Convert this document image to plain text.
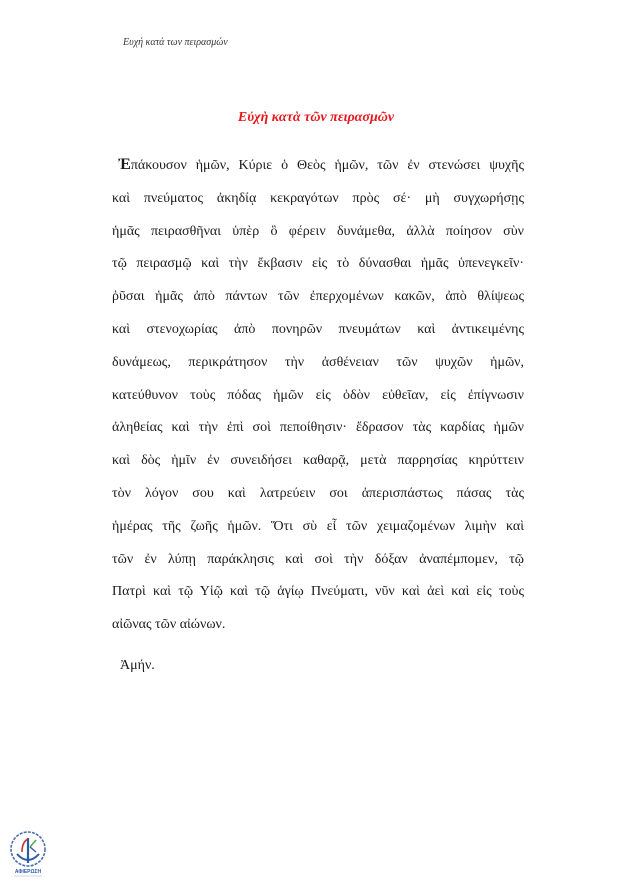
Ευχή κατά των πειρασμών
Εὐχὴ κατὰ τῶν πειρασμῶν
Ἐπάκουσον ἡμῶν, Κύριε ὁ Θεὸς ἡμῶν, τῶν ἐν στενώσει ψυχῆς
καὶ πνεύματος ἀκηδίᾳ κεκραγότων πρὸς σέ· μὴ συγχωρήσῃς
ἡμᾶς πειρασθῆναι ὑπὲρ ὃ φέρειν δυνάμεθα, ἀλλὰ ποίησον σὺν
τῷ πειρασμῷ καὶ τὴν ἔκβασιν εἰς τὸ δύνασθαι ἡμᾶς ὑπενεγκεῖν·
ῥῦσαι ἡμᾶς ἀπὸ πάντων τῶν ἐπερχομένων κακῶν, ἀπὸ θλίψεως
καὶ στενοχωρίας ἀπὸ πονηρῶν πνευμάτων καὶ ἀντικειμένης
δυνάμεως, περικράτησον τὴν ἀσθένειαν τῶν ψυχῶν ἡμῶν,
κατεύθυνον τοὺς πόδας ἡμῶν εἰς ὁδὸν εὐθεῖαν, εἰς ἐπίγνωσιν
ἀληθείας καὶ τὴν ἐπὶ σοὶ πεποίθησιν· ἔδρασον τὰς καρδίας ἡμῶν
καὶ δὸς ἡμῖν ἐν συνειδήσει καθαρᾷ, μετὰ παρρησίας κηρύττειν
τὸν λόγον σου καὶ λατρεύειν σοι ἀπερισπάστως πάσας τὰς
ἡμέρας τῆς ζωῆς ἡμῶν. Ὅτι σὺ εἶ τῶν χειμαζομένων λιμὴν καὶ
τῶν ἐν λύπῃ παράκλησις καὶ σοὶ τὴν δόξαν ἀναπέμπομεν, τῷ
Πατρὶ καὶ τῷ Υἱῷ καὶ τῷ ἁγίῳ Πνεύματι, νῦν καὶ ἀεὶ καὶ εἰς τοὺς
αἰῶνας τῶν αἰώνων.
Ἀμήν.
ΑΦΙΕΡΩΣΗ
